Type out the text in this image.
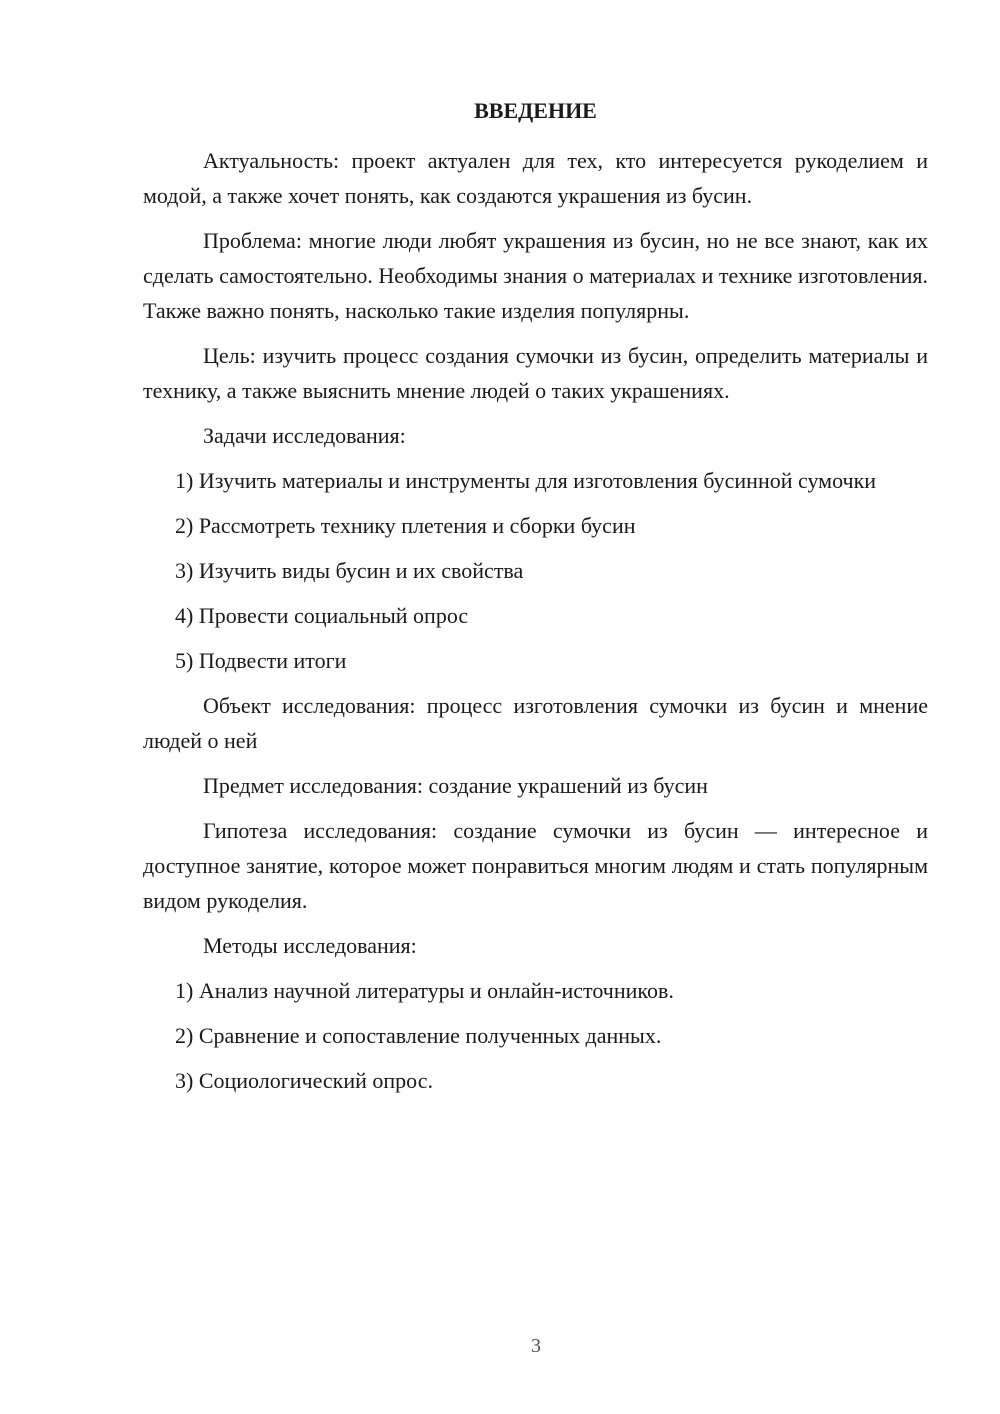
ВВЕДЕНИЕ

Актуальность: проект актуален для тех, кто интересуется рукоделием и модой, а также хочет понять, как создаются украшения из бусин.

Проблема: многие люди любят украшения из бусин, но не все знают, как их сделать самостоятельно. Необходимы знания о материалах и технике изготовления. Также важно понять, насколько такие изделия популярны.

Цель: изучить процесс создания сумочки из бусин, определить материалы и технику, а также выяснить мнение людей о таких украшениях.

Задачи исследования:

1) Изучить материалы и инструменты для изготовления бусинной сумочки

2) Рассмотреть технику плетения и сборки бусин

3) Изучить виды бусин и их свойства

4) Провести социальный опрос

5) Подвести итоги

Объект исследования: процесс изготовления сумочки из бусин и мнение людей о ней

Предмет исследования: создание украшений из бусин

Гипотеза исследования: создание сумочки из бусин — интересное и доступное занятие, которое может понравиться многим людям и стать популярным видом рукоделия.

Методы исследования:

1) Анализ научной литературы и онлайн-источников.

2) Сравнение и сопоставление полученных данных.

3) Социологический опрос.

3
